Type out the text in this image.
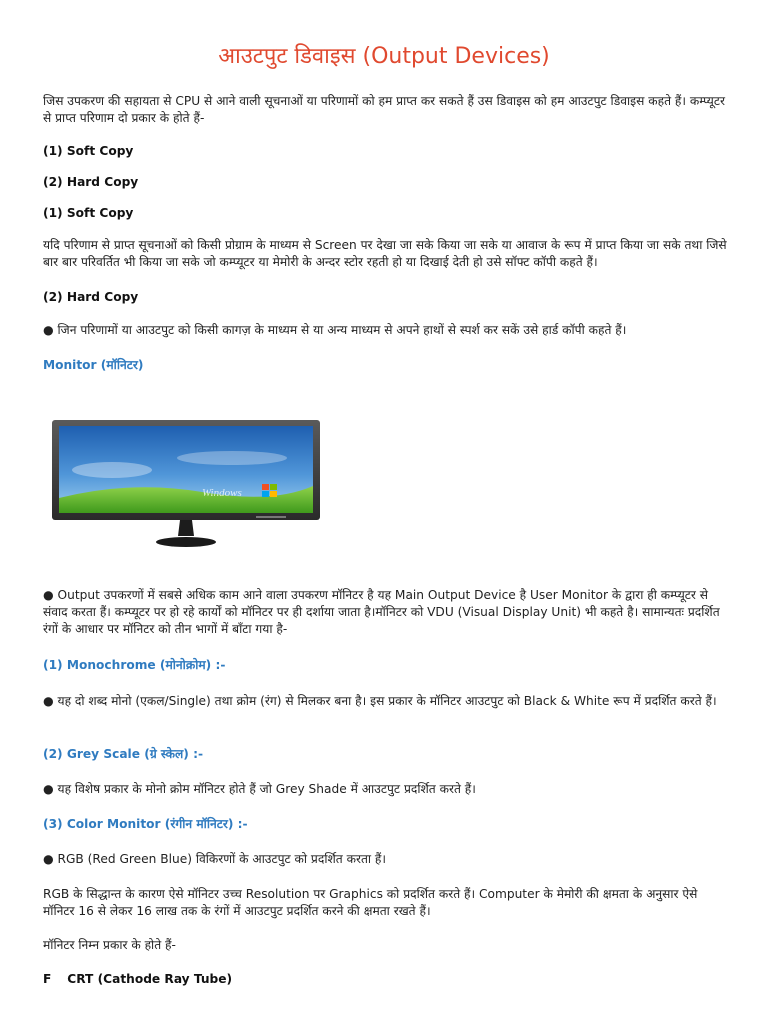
आउटपुट डिवाइस (Output Devices)

जिस उपकरण की सहायता से CPU से आने वाली सूचनाओं या परिणामों को हम प्राप्त कर सकते हैं उस डिवाइस को हम आउटपुट डिवाइस कहते हैं। कम्प्यूटर से प्राप्त परिणाम दो प्रकार के होते हैं-

(1) Soft Copy

(2) Hard Copy

(1) Soft Copy

यदि परिणाम से प्राप्त सूचनाओं को किसी प्रोग्राम के माध्यम से Screen पर देखा जा सके किया जा सके या आवाज के रूप में प्राप्त किया जा सके तथा जिसे बार बार परिवर्तित भी किया जा सके जो कम्प्यूटर या मेमोरी के अन्दर स्टोर रहती हो या दिखाई देती हो उसे सॉफ्ट कॉपी कहते हैं।

(2) Hard Copy

● जिन परिणामों या आउटपुट को किसी कागज़ के माध्यम से या अन्य माध्यम से अपने हाथों से स्पर्श कर सकें उसे हार्ड कॉपी कहते हैं।

Monitor (मॉनिटर)

Windows

● Output उपकरणों में सबसे अधिक काम आने वाला उपकरण मॉनिटर है यह Main Output Device है User Monitor के द्वारा ही कम्प्यूटर से संवाद करता हैं। कम्प्यूटर पर हो रहे कार्यों को मॉनिटर पर ही दर्शाया जाता है।मॉनिटर को VDU (Visual Display Unit) भी कहते है। सामान्यतः प्रदर्शित रंगों के आधार पर मॉनिटर को तीन भागों में बाँटा गया है-

(1) Monochrome (मोनोक्रोम) :-

● यह दो शब्द मोनो (एकल/Single) तथा क्रोम (रंग) से मिलकर बना है। इस प्रकार के मॉनिटर आउटपुट को Black & White रूप में प्रदर्शित करते हैं।

(2) Grey Scale (ग्रे स्केल) :-

● यह विशेष प्रकार के मोनो क्रोम मॉनिटर होते हैं जो Grey Shade में आउटपुट प्रदर्शित करते हैं।

(3) Color Monitor (रंगीन मॉनिटर) :-

● RGB (Red Green Blue) विकिरणों के आउटपुट को प्रदर्शित करता हैं।

RGB के सिद्धान्त के कारण ऐसे मॉनिटर उच्च Resolution पर Graphics को प्रदर्शित करते हैं। Computer के मेमोरी की क्षमता के अनुसार ऐसे मॉनिटर 16 से लेकर 16 लाख तक के रंगों में आउटपुट प्रदर्शित करने की क्षमता रखते हैं।

मॉनिटर निम्न प्रकार के होते हैं-

F CRT (Cathode Ray Tube)
